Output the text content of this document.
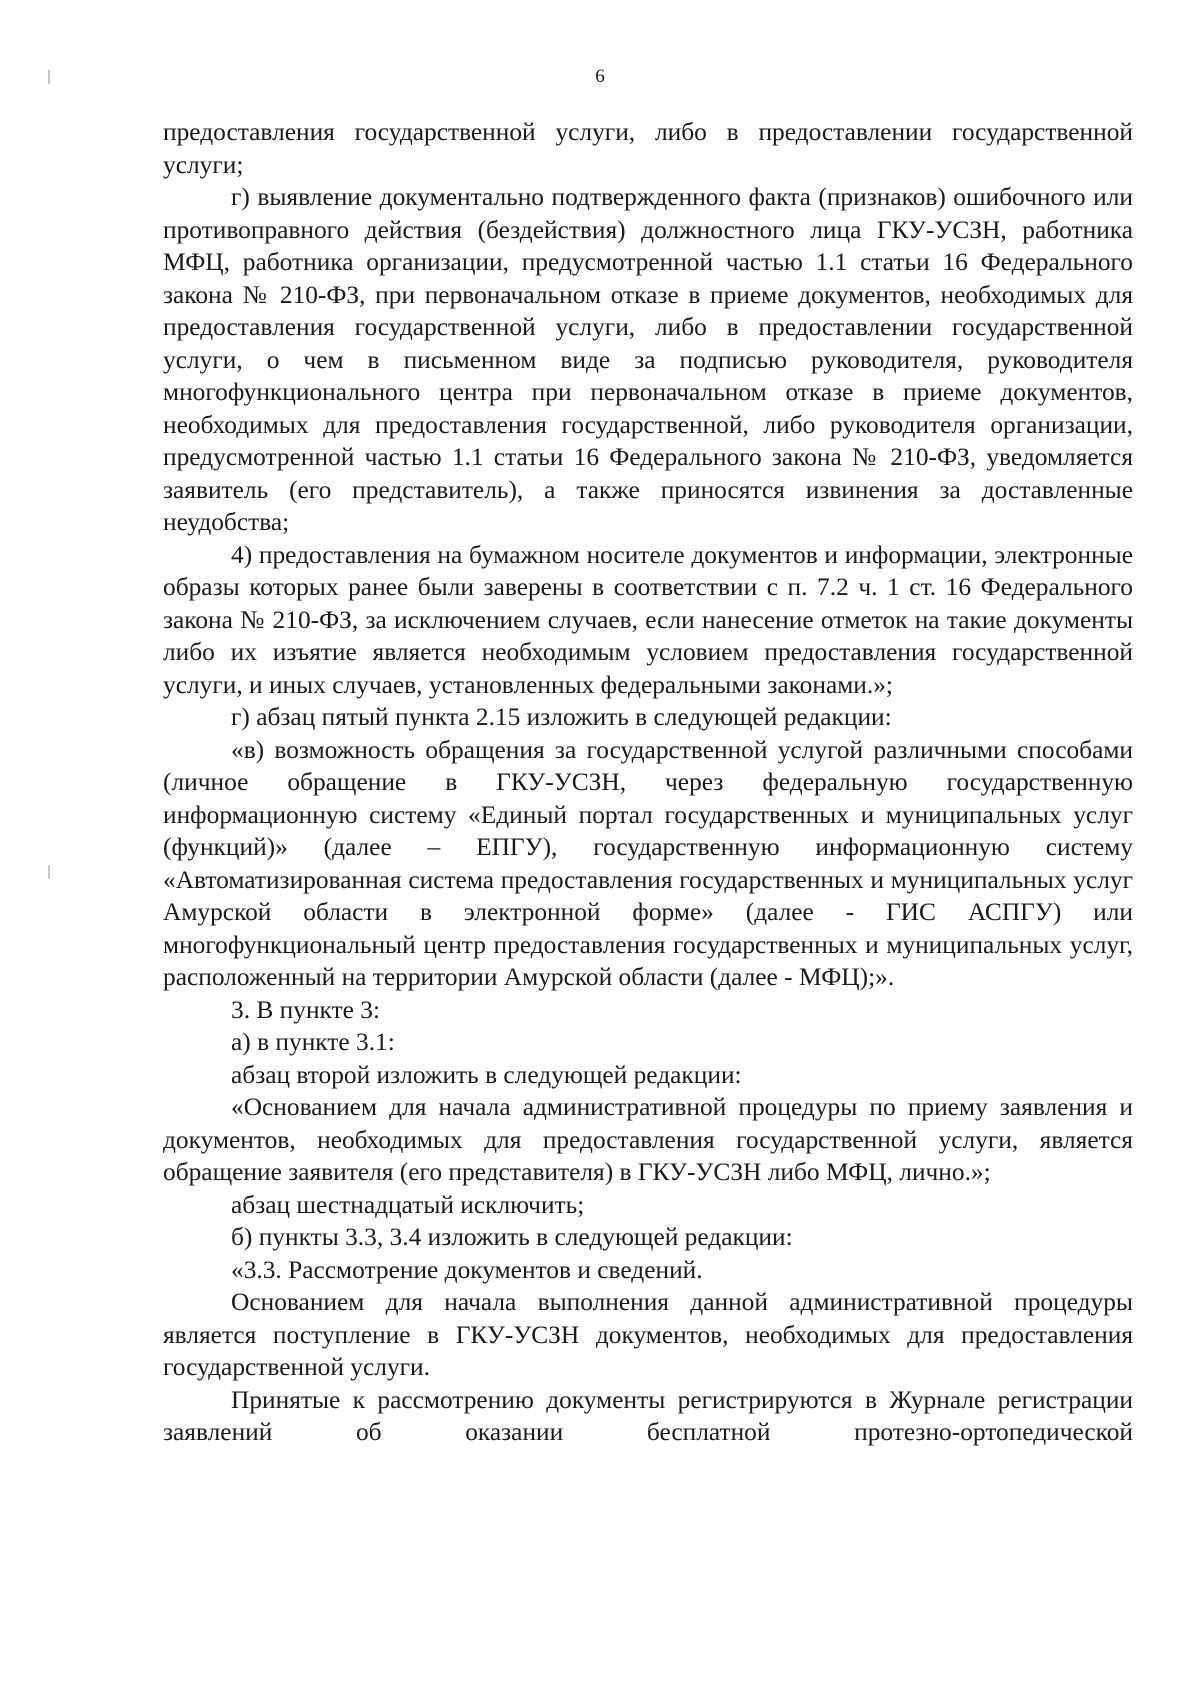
6

предоставления государственной услуги, либо в предоставлении государственной услуги;

г) выявление документально подтвержденного факта (признаков) ошибочного или противоправного действия (бездействия) должностного лица ГКУ-УСЗН, работника МФЦ, работника организации, предусмотренной частью 1.1 статьи 16 Федерального закона № 210-ФЗ, при первоначальном отказе в приеме документов, необходимых для предоставления государственной услуги, либо в предоставлении государственной услуги, о чем в письменном виде за подписью руководителя, руководителя многофункционального центра при первоначальном отказе в приеме документов, необходимых для предоставления государственной, либо руководителя организации, предусмотренной частью 1.1 статьи 16 Федерального закона № 210-ФЗ, уведомляется заявитель (его представитель), а также приносятся извинения за доставленные неудобства;

4) предоставления на бумажном носителе документов и информации, электронные образы которых ранее были заверены в соответствии с п. 7.2 ч. 1 ст. 16 Федерального закона № 210-ФЗ, за исключением случаев, если нанесение отметок на такие документы либо их изъятие является необходимым условием предоставления государственной услуги, и иных случаев, установленных федеральными законами.»;

г) абзац пятый пункта 2.15 изложить в следующей редакции:

«в) возможность обращения за государственной услугой различными способами (личное обращение в ГКУ-УСЗН, через федеральную государственную информационную систему «Единый портал государственных и муниципальных услуг (функций)» (далее – ЕПГУ), государственную информационную систему «Автоматизированная система предоставления государственных и муниципальных услуг Амурской области в электронной форме» (далее - ГИС АСПГУ) или многофункциональный центр предоставления государственных и муниципальных услуг, расположенный на территории Амурской области (далее - МФЦ);».

3. В пункте 3:

а) в пункте 3.1:

абзац второй изложить в следующей редакции:

«Основанием для начала административной процедуры по приему заявления и документов, необходимых для предоставления государственной услуги, является обращение заявителя (его представителя) в ГКУ-УСЗН либо МФЦ, лично.»;

абзац шестнадцатый исключить;

б) пункты 3.3, 3.4 изложить в следующей редакции:

«3.3. Рассмотрение документов и сведений.

Основанием для начала выполнения данной административной процедуры является поступление в ГКУ-УСЗН документов, необходимых для предоставления государственной услуги.

Принятые к рассмотрению документы регистрируются в Журнале регистрации заявлений об оказании бесплатной протезно-ортопедической
